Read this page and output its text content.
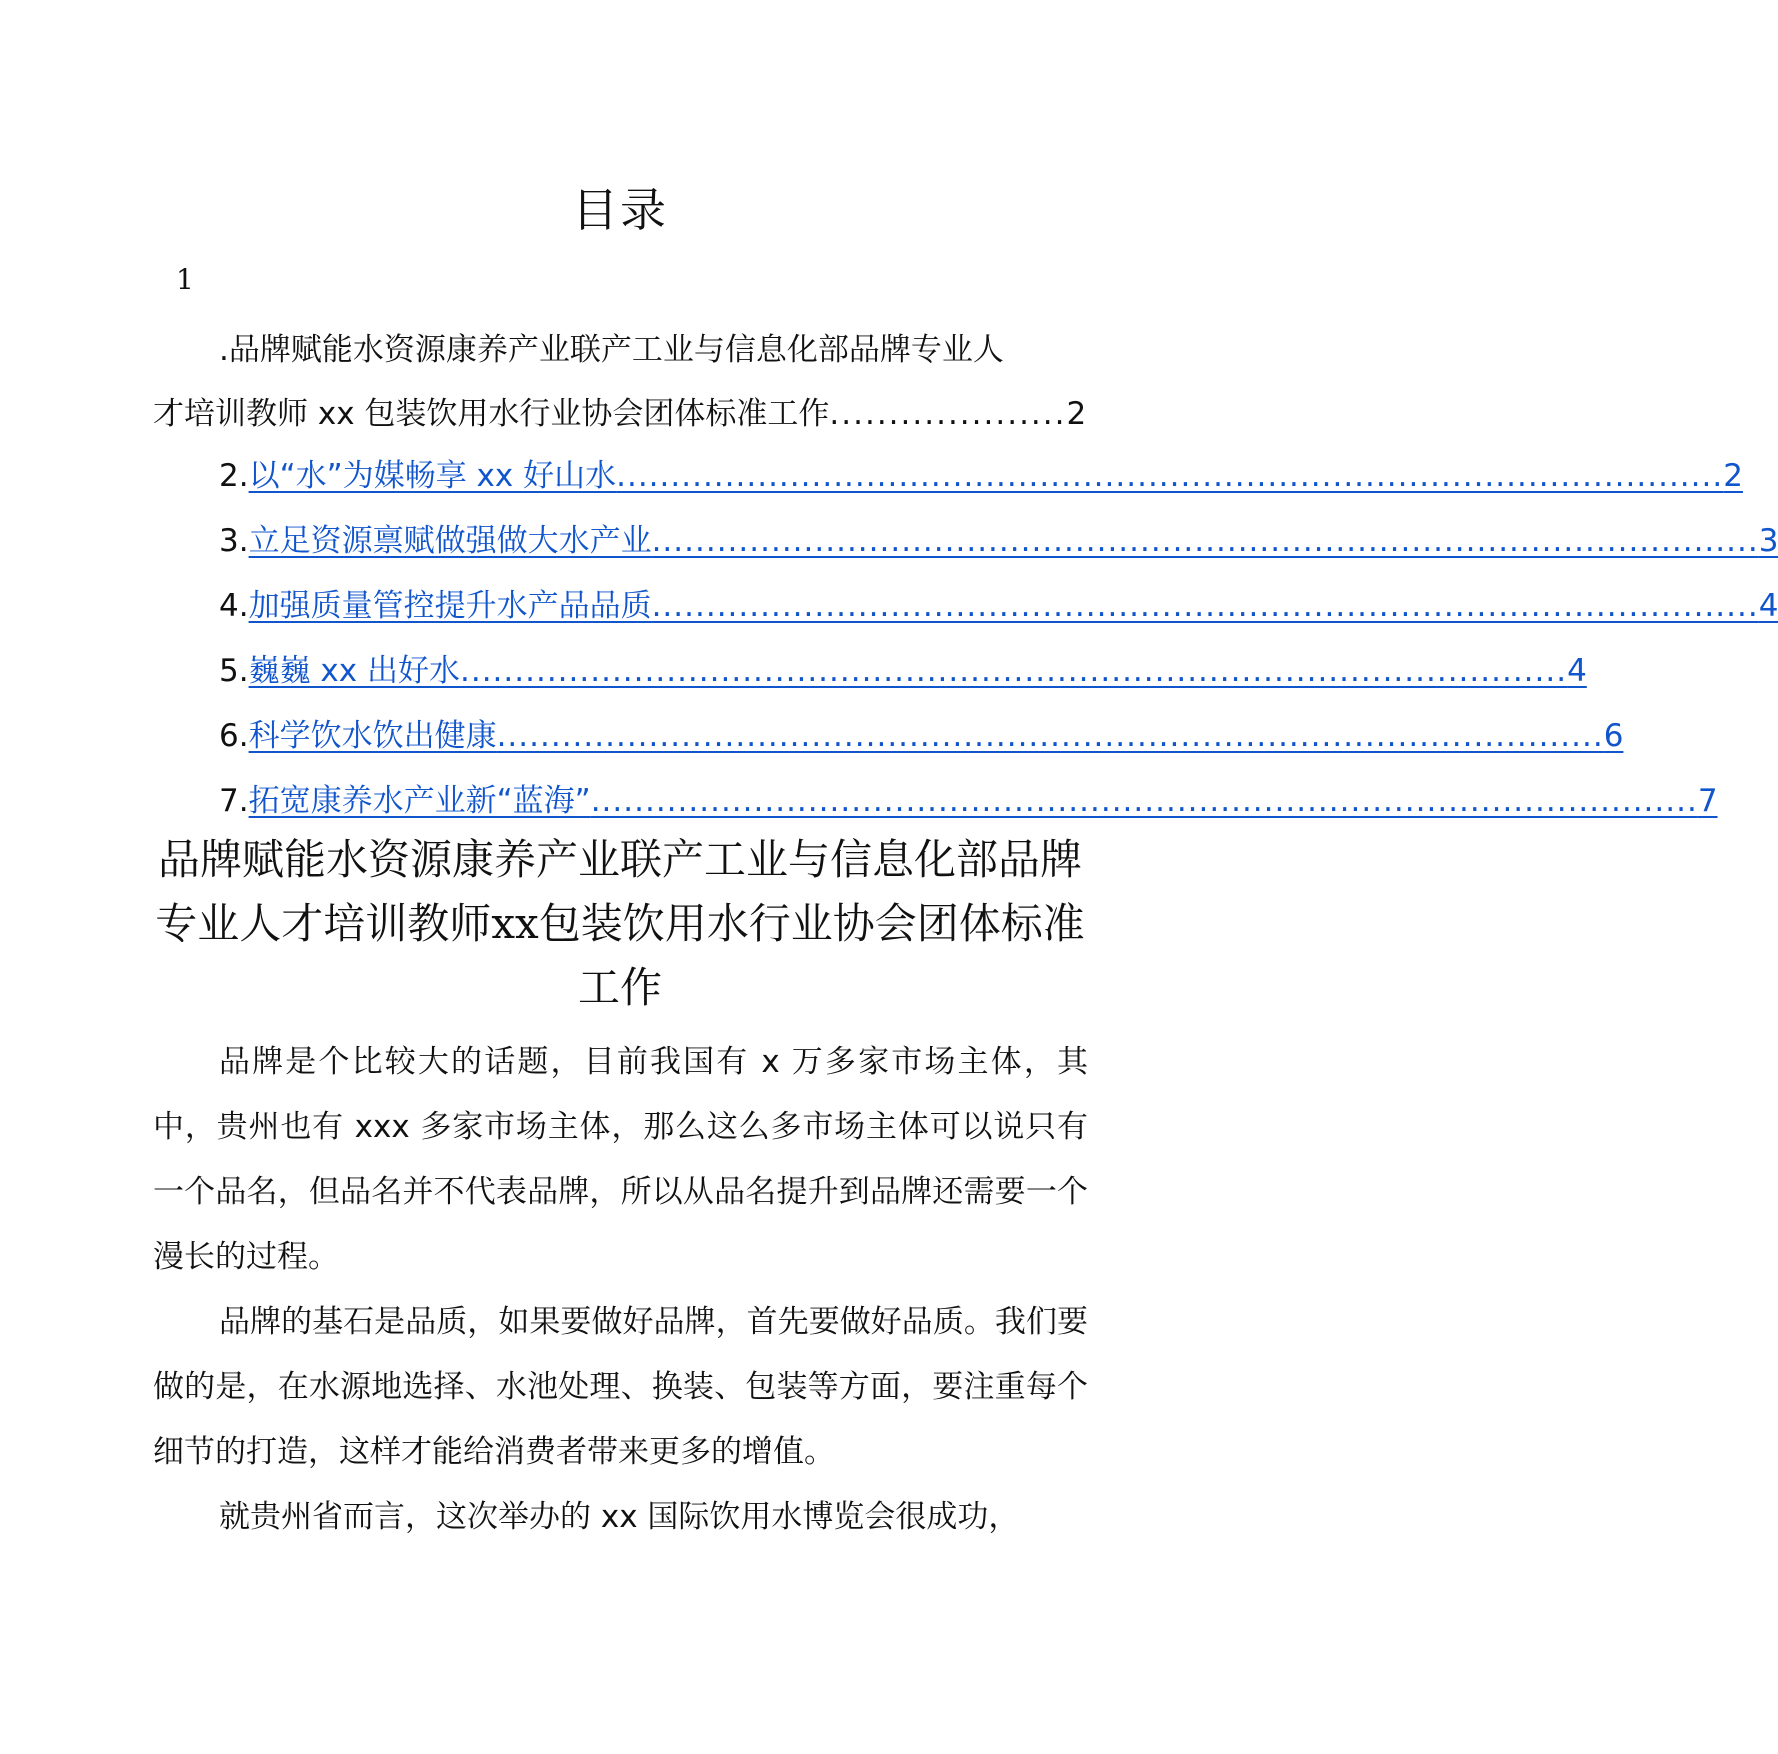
目录
1
.品牌赋能水资源康养产业联产工业与信息化部品牌专业人
才培训教师 xx 包装饮用水行业协会团体标准工作 .................... 2
2. 以“水”为媒畅享 xx 好山水 ...................................................................................................... 2
3. 立足资源禀赋做强做大水产业 ...................................................................................................... 3
4. 加强质量管控提升水产品品质 ...................................................................................................... 4
5. 巍巍 xx 出好水 ...................................................................................................... 4
6. 科学饮水饮出健康 ...................................................................................................... 6
7. 拓宽康养水产业新“蓝海” ...................................................................................................... 7
品牌赋能水资源康养产业联产工业与信息化部品牌专业人才培训教师xx包装饮用水行业协会团体标准工作

品牌是个比较大的话题，目前我国有 x 万多家市场主体，其中，贵州也有 xxx 多家市场主体，那么这么多市场主体可以说只有一个品名，但品名并不代表品牌，所以从品名提升到品牌还需要一个漫长的过程。

品牌的基石是品质，如果要做好品牌，首先要做好品质。我们要做的是，在水源地选择、水池处理、换装、包装等方面，要注重每个细节的打造，这样才能给消费者带来更多的增值。

就贵州省而言，这次举办的 xx 国际饮用水博览会很成功，
